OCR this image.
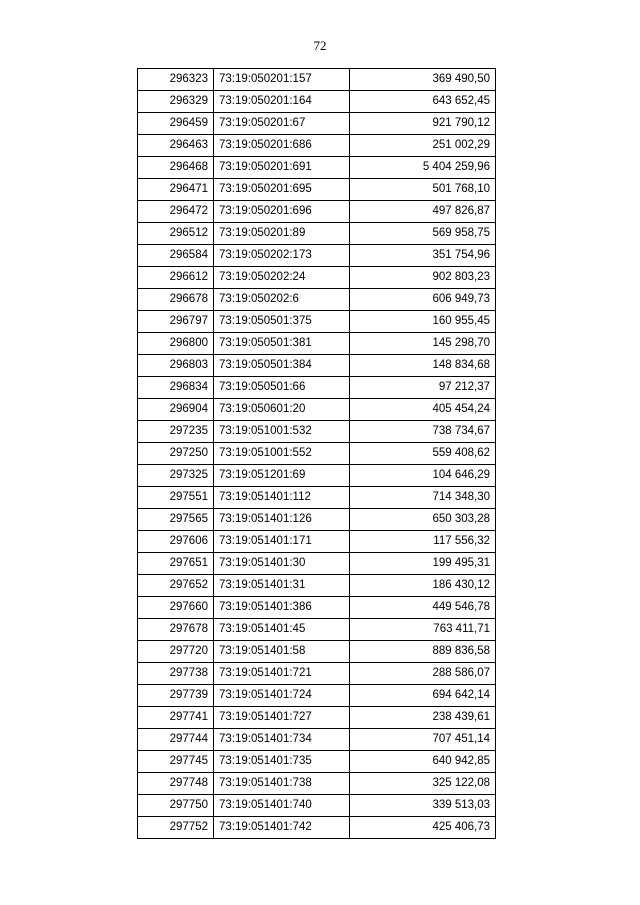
72
296323	73:19:050201:157	369 490,50
296329	73:19:050201:164	643 652,45
296459	73:19:050201:67	921 790,12
296463	73:19:050201:686	251 002,29
296468	73:19:050201:691	5 404 259,96
296471	73:19:050201:695	501 768,10
296472	73:19:050201:696	497 826,87
296512	73:19:050201:89	569 958,75
296584	73:19:050202:173	351 754,96
296612	73:19:050202:24	902 803,23
296678	73:19:050202:6	606 949,73
296797	73:19:050501:375	160 955,45
296800	73:19:050501:381	145 298,70
296803	73:19:050501:384	148 834,68
296834	73:19:050501:66	97 212,37
296904	73:19:050601:20	405 454,24
297235	73:19:051001:532	738 734,67
297250	73:19:051001:552	559 408,62
297325	73:19:051201:69	104 646,29
297551	73:19:051401:112	714 348,30
297565	73:19:051401:126	650 303,28
297606	73:19:051401:171	117 556,32
297651	73:19:051401:30	199 495,31
297652	73:19:051401:31	186 430,12
297660	73:19:051401:386	449 546,78
297678	73:19:051401:45	763 411,71
297720	73:19:051401:58	889 836,58
297738	73:19:051401:721	288 586,07
297739	73:19:051401:724	694 642,14
297741	73:19:051401:727	238 439,61
297744	73:19:051401:734	707 451,14
297745	73:19:051401:735	640 942,85
297748	73:19:051401:738	325 122,08
297750	73:19:051401:740	339 513,03
297752	73:19:051401:742	425 406,73
